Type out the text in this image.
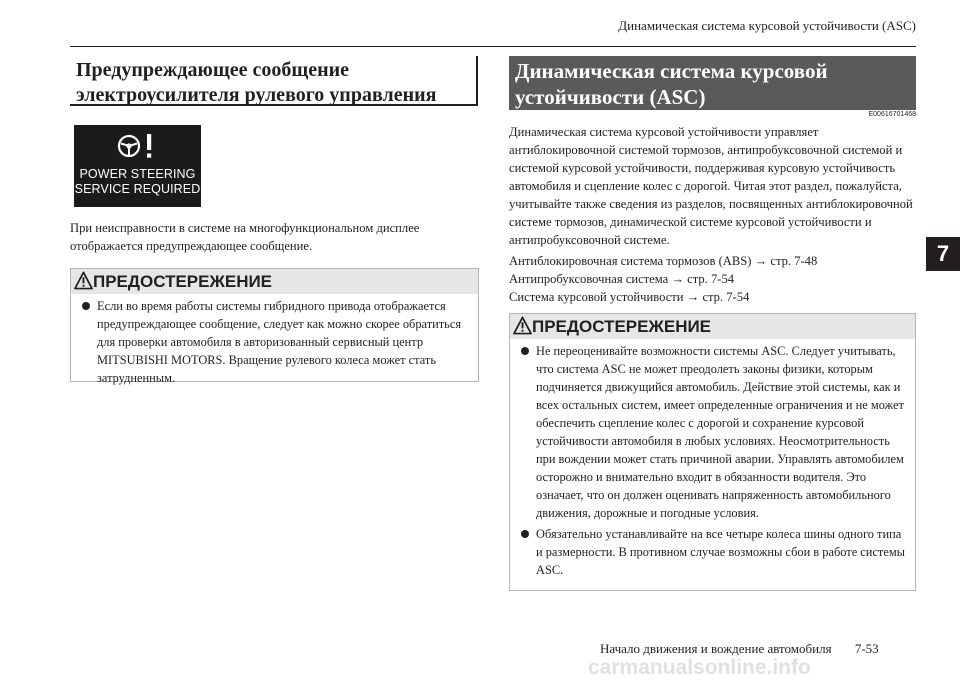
Динамическая система курсовой устойчивости (ASC)
Предупреждающее сообщение
электроусилителя рулевого управления
POWER STEERING
SERVICE REQUIRED
При неисправности в системе на многофункциональном дисплее отображается предупреждающее сообщение.
ПРЕДОСТЕРЕЖЕНИЕ
Если во время работы системы гибридного привода отображается предупреждающее сообщение, следует как можно скорее обратиться для проверки автомобиля в авторизованный сервисный центр MITSUBISHI MOTORS. Вращение рулевого колеса может стать затрудненным.
Динамическая система курсовой
устойчивости (ASC)
E00616701468
Динамическая система курсовой устойчивости управляет антиблокировочной системой тормозов, антипробуксовочной системой и системой курсовой устойчивости, поддерживая курсовую устойчивость автомобиля и сцепление колес с дорогой. Читая этот раздел, пожалуйста, учитывайте также сведения из разделов, посвященных антиблокировочной системе тормозов, динамической системе курсовой устойчивости и антипробуксовочной системе.
Антиблокировочная система тормозов (ABS) → стр. 7-48
Антипробуксовочная система → стр. 7-54
Система курсовой устойчивости → стр. 7-54
ПРЕДОСТЕРЕЖЕНИЕ
Не переоценивайте возможности системы ASC. Следует учитывать, что система ASC не может преодолеть законы физики, которым подчиняется движущийся автомобиль. Действие этой системы, как и всех остальных систем, имеет определенные ограничения и не может обеспечить сцепление колес с дорогой и сохранение курсовой устойчивости автомобиля в любых условиях. Неосмотрительность при вождении может стать причиной аварии. Управлять автомобилем осторожно и внимательно входит в обязанности водителя. Это означает, что он должен оценивать напряженность автомобильного движения, дорожные и погодные условия.
Обязательно устанавливайте на все четыре колеса шины одного типа и размерности. В противном случае возможны сбои в работе системы ASC.
7
Начало движения и вождение автомобиля 7-53
carmanualsonline.info
